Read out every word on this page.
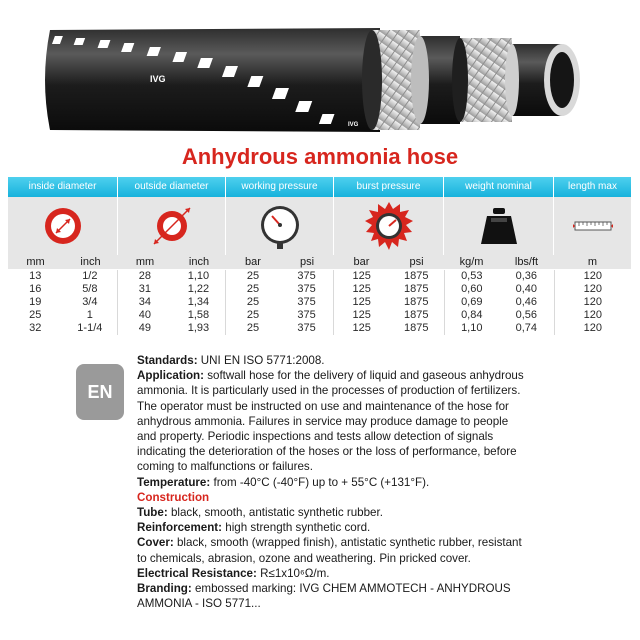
IVG
IVG
Anhydrous ammonia hose
inside diameter	outside diameter	working pressure	burst pressure	weight nominal	length max
mm	inch	mm	inch	bar	psi	bar	psi	kg/m	lbs/ft	m
13	1/2	28	1,10	25	375	125	1875	0,53	0,36	120
16	5/8	31	1,22	25	375	125	1875	0,60	0,40	120
19	3/4	34	1,34	25	375	125	1875	0,69	0,46	120
25	1	40	1,58	25	375	125	1875	0,84	0,56	120
32	1-1/4	49	1,93	25	375	125	1875	1,10	0,74	120
EN

Standards: UNI EN ISO 5771:2008.

Application: softwall hose for the delivery of liquid and gaseous anhydrous ammonia. It is particularly used in the processes of production of fertilizers.

The operator must be instructed on use and maintenance of the hose for anhydrous ammonia. Failures in service may produce damage to people and property. Periodic inspections and tests allow detection of signals indicating the deterioration of the hoses or the loss of performance, before coming to malfunctions or failures.

Temperature: from -40°C (-40°F) up to + 55°C (+131°F).

Construction

Tube: black, smooth, antistatic synthetic rubber.

Reinforcement: high strength synthetic cord.

Cover: black, smooth (wrapped finish), antistatic synthetic rubber, resistant to chemicals, abrasion, ozone and weathering. Pin pricked cover.

Electrical Resistance: R≤1x10⁶Ω/m.

Branding: embossed marking: IVG CHEM AMMOTECH - ANHYDROUS AMMONIA - ISO 5771...
